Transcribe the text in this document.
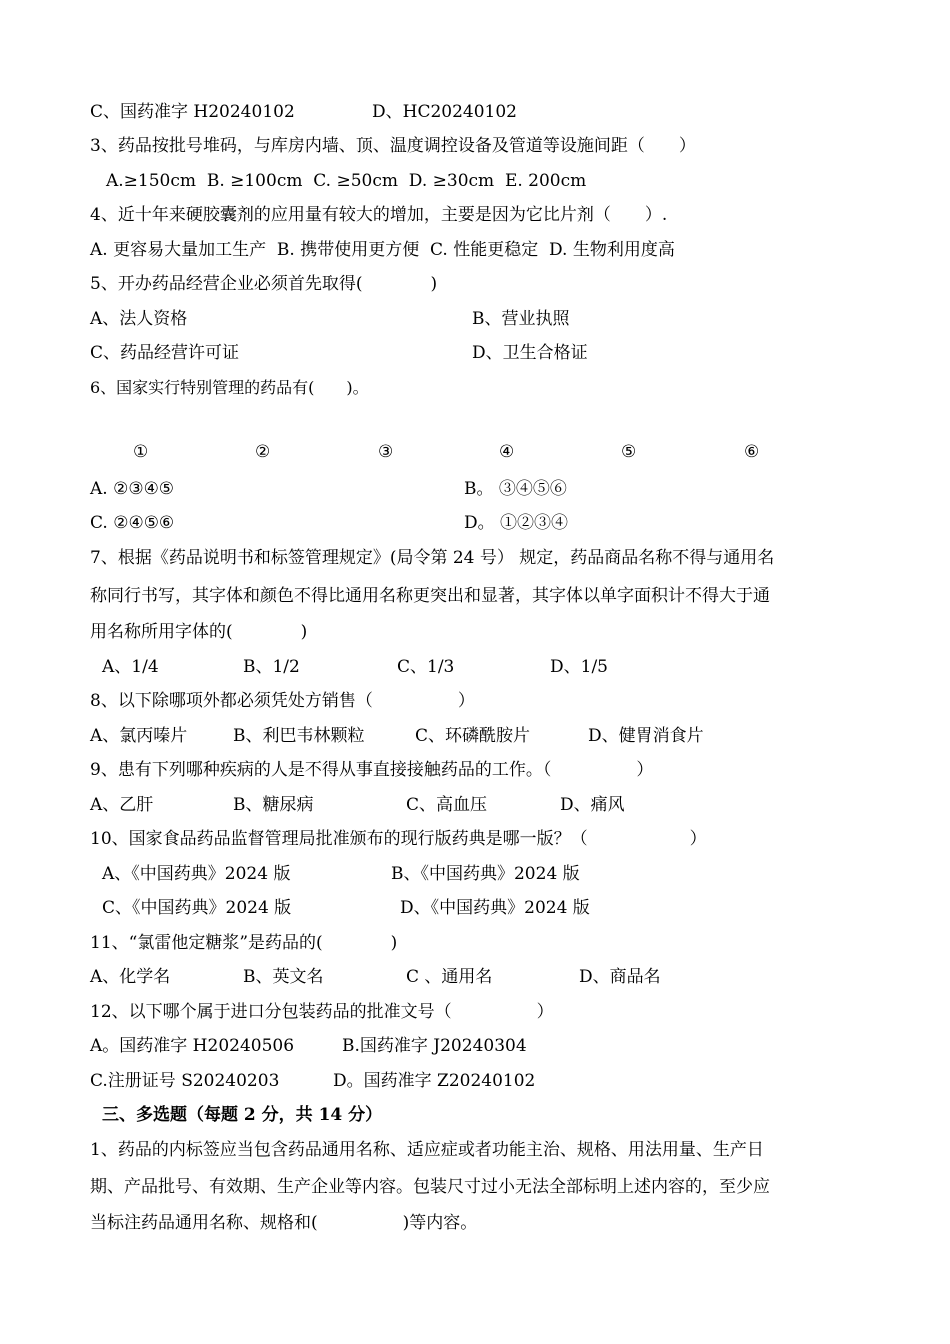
C、国药准字 H20240102	D、HC20240102
3、药品按批号堆码，与库房内墙、顶、温度调控设备及管道等设施间距（　　）
A.≥150cm  B. ≥100cm  C. ≥50cm  D. ≥30cm  E. 200cm
4、近十年来硬胶囊剂的应用量有较大的增加，主要是因为它比片剂（　　）.
A. 更容易大量加工生产  B. 携带使用更方便  C. 性能更稳定  D. 生物利用度高
5、开办药品经营企业必须首先取得(　　　　)
A、法人资格	B、营业执照
C、药品经营许可证	D、卫生合格证
6、国家实行特别管理的药品有(　　)。
①	②	③	④	⑤	⑥
A. ②③④⑤	B。 ③④⑤⑥
C. ②④⑤⑥	D。 ①②③④
7、根据《药品说明书和标签管理规定》(局令第 24 号） 规定，药品商品名称不得与通用名
称同行书写，其字体和颜色不得比通用名称更突出和显著，其字体以单字面积计不得大于通
用名称所用字体的(　　　　)
A、1/4	B、1/2	C、1/3	D、1/5
8、以下除哪项外都必须凭处方销售（　　　　　）
A、氯丙嗪片	B、利巴韦林颗粒	C、环磷酰胺片	D、健胃消食片
9、患有下列哪种疾病的人是不得从事直接接触药品的工作。（　　　　　）
A、乙肝	B、糖尿病	C、高血压	D、痛风
10、国家食品药品监督管理局批准颁布的现行版药典是哪一版？（　　　　　　）
A、《中国药典》2024 版	B、《中国药典》2024 版
C、《中国药典》2024 版	D、《中国药典》2024 版
11、“氯雷他定糖浆”是药品的(　　　　)
A、化学名	B、英文名	C 、通用名	D、商品名
12、以下哪个属于进口分包装药品的批准文号（　　　　　）
A。国药准字 H20240506	B.国药准字 J20240304
C.注册证号 S20240203	D。国药准字 Z20240102
三、多选题（每题 2 分，共 14 分）
1、药品的内标签应当包含药品通用名称、适应症或者功能主治、规格、用法用量、生产日
期、产品批号、有效期、生产企业等内容。包装尺寸过小无法全部标明上述内容的，至少应
当标注药品通用名称、规格和(　　　　　)等内容。
